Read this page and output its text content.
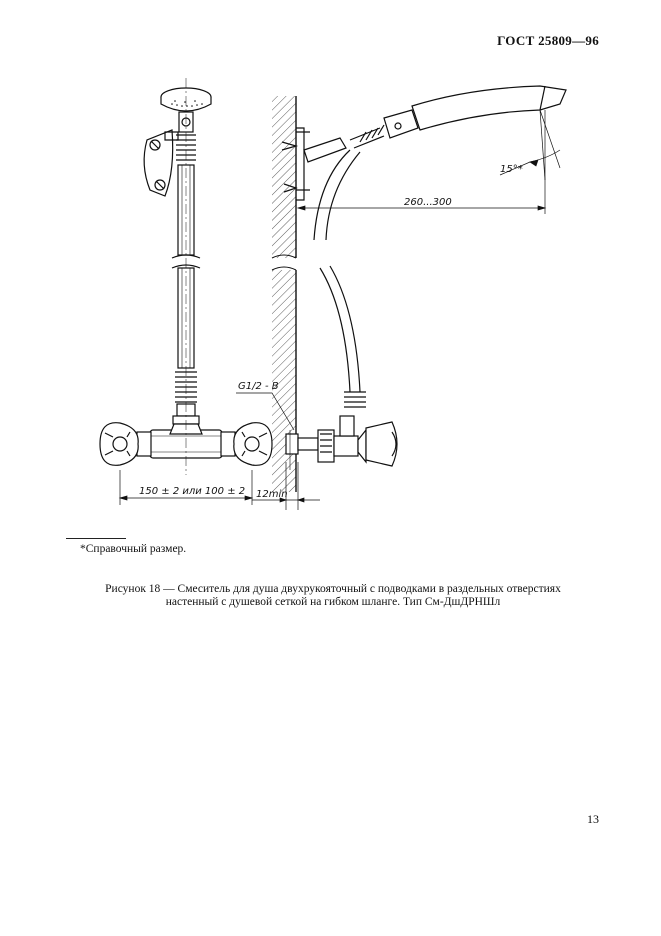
ГОСТ 25809—96
150 ± 2 или 100 ± 2
15°*
260...300
G1/2 - B
12min
*Справочный размер.
Рисунок 18 — Смеситель для душа двухрукояточный с подводками в раздельных отверстиях
настенный с душевой сеткой на гибком шланге. Тип См-ДшДРНШл
13
